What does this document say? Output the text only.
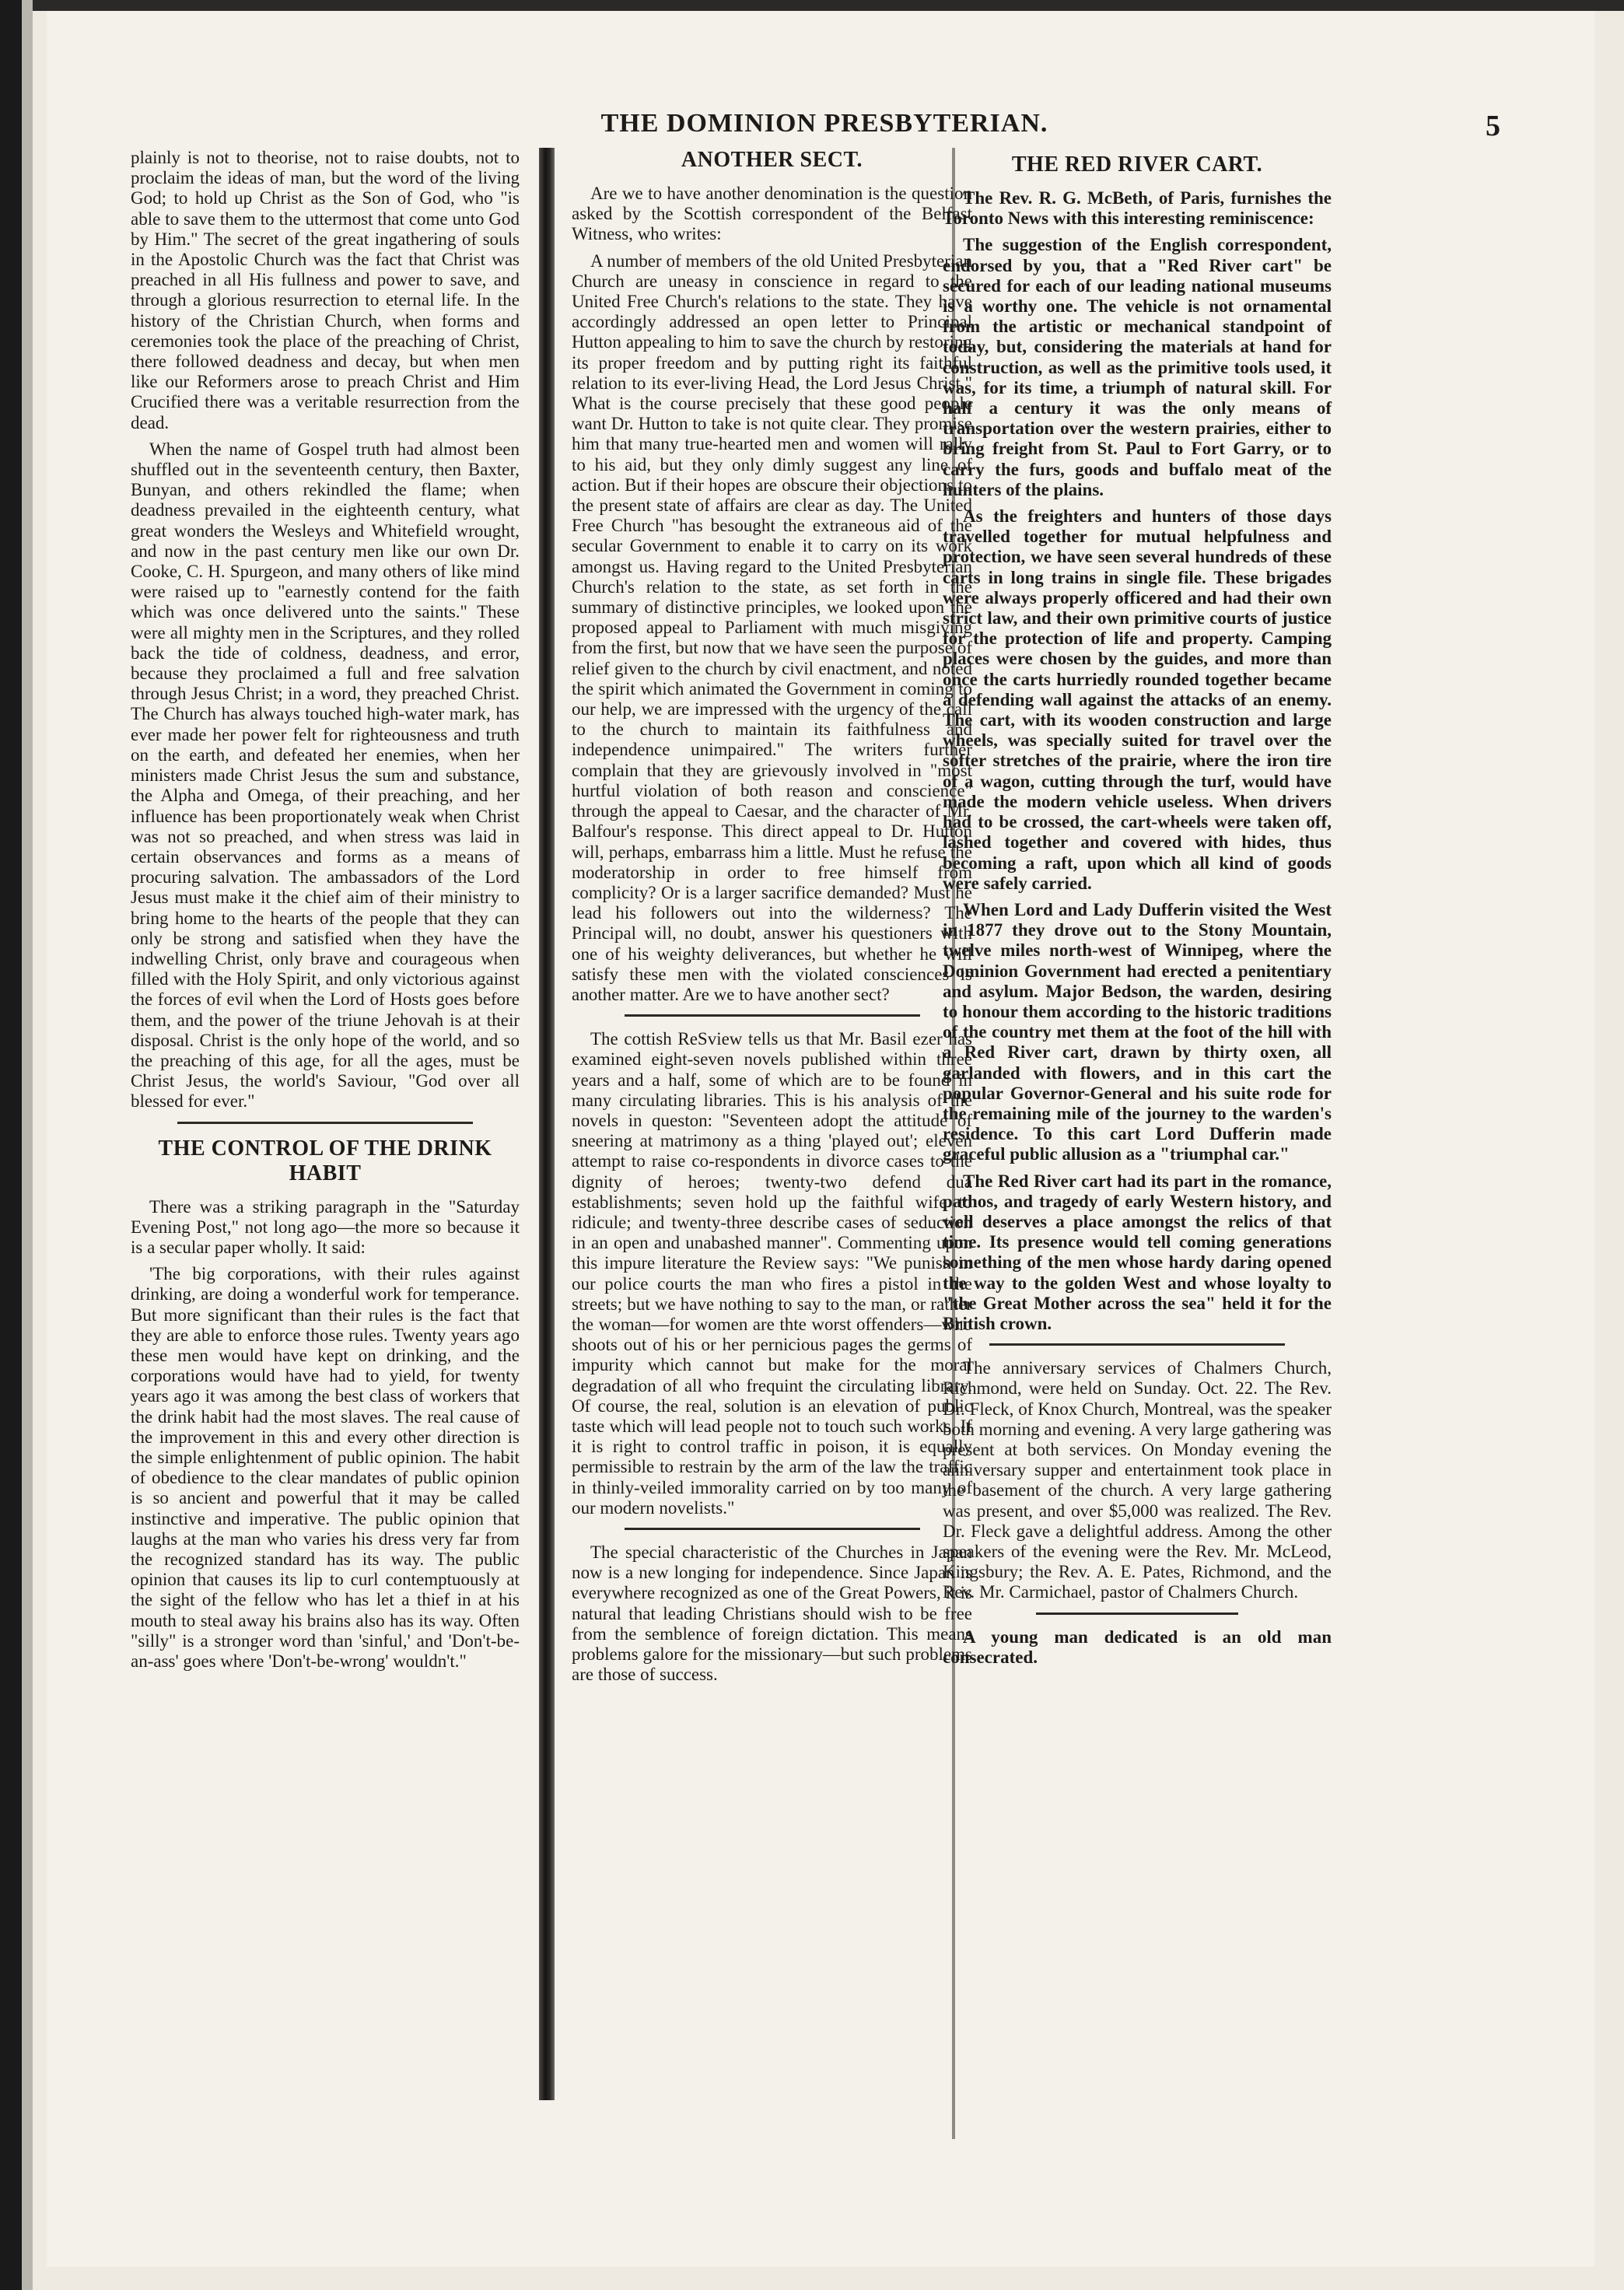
THE DOMINION PRESBYTERIAN.	5

plainly is not to theorise, not to raise doubts, not to proclaim the ideas of man, but the word of the living God; to hold up Christ as the Son of God, who "is able to save them to the uttermost that come unto God by Him." The secret of the great ingathering of souls in the Apostolic Church was the fact that Christ was preached in all His fullness and power to save, and through a glorious resurrection to eternal life. In the history of the Christian Church, when forms and ceremonies took the place of the preaching of Christ, there followed deadness and decay, but when men like our Reformers arose to preach Christ and Him Crucified there was a veritable resurrection from the dead.

When the name of Gospel truth had almost been shuffled out in the seventeenth century, then Baxter, Bunyan, and others rekindled the flame; when deadness prevailed in the eighteenth century, what great wonders the Wesleys and Whitefield wrought, and now in the past century men like our own Dr. Cooke, C. H. Spurgeon, and many others of like mind were raised up to "earnestly contend for the faith which was once delivered unto the saints." These were all mighty men in the Scriptures, and they rolled back the tide of coldness, deadness, and error, because they proclaimed a full and free salvation through Jesus Christ; in a word, they preached Christ. The Church has always touched high-water mark, has ever made her power felt for righteousness and truth on the earth, and defeated her enemies, when her ministers made Christ Jesus the sum and substance, the Alpha and Omega, of their preaching, and her influence has been proportionately weak when Christ was not so preached, and when stress was laid in certain observances and forms as a means of procuring salvation. The ambassadors of the Lord Jesus must make it the chief aim of their ministry to bring home to the hearts of the people that they can only be strong and satisfied when they have the indwelling Christ, only brave and courageous when filled with the Holy Spirit, and only victorious against the forces of evil when the Lord of Hosts goes before them, and the power of the triune Jehovah is at their disposal. Christ is the only hope of the world, and so the preaching of this age, for all the ages, must be Christ Jesus, the world's Saviour, "God over all blessed for ever."

THE CONTROL OF THE DRINK HABIT

There was a striking paragraph in the "Saturday Evening Post," not long ago—the more so because it is a secular paper wholly. It said:

'The big corporations, with their rules against drinking, are doing a wonderful work for temperance. But more significant than their rules is the fact that they are able to enforce those rules. Twenty years ago these men would have kept on drinking, and the corporations would have had to yield, for twenty years ago it was among the best class of workers that the drink habit had the most slaves. The real cause of the improvement in this and every other direction is the simple enlightenment of public opinion. The habit of obedience to the clear mandates of public opinion is so ancient and powerful that it may be called instinctive and imperative. The public opinion that laughs at the man who varies his dress very far from the recognized standard has its way. The public opinion that causes its lip to curl contemptuously at the sight of the fellow who has let a thief in at his mouth to steal away his brains also has its way. Often "silly" is a stronger word than 'sinful,' and 'Don't-be-an-ass' goes where 'Don't-be-wrong' wouldn't."

ANOTHER SECT.

Are we to have another denomination is the question asked by the Scottish correspondent of the Belfast Witness, who writes:

A number of members of the old United Presbyterian Church are uneasy in conscience in regard to the United Free Church's relations to the state. They have accordingly addressed an open letter to Principal Hutton appealing to him to save the church by restoring its proper freedom and by putting right its faithful relation to its ever-living Head, the Lord Jesus Christ." What is the course precisely that these good people want Dr. Hutton to take is not quite clear. They promise him that many true-hearted men and women will rally to his aid, but they only dimly suggest any line of action. But if their hopes are obscure their objections to the present state of affairs are clear as day. The United Free Church "has besought the extraneous aid of the secular Government to enable it to carry on its work amongst us. Having regard to the United Presbyterian Church's relation to the state, as set forth in the summary of distinctive principles, we looked upon the proposed appeal to Parliament with much misgiving from the first, but now that we have seen the purpose of relief given to the church by civil enactment, and noted the spirit which animated the Government in coming to our help, we are impressed with the urgency of the call to the church to maintain its faithfulness and independence unimpaired." The writers further complain that they are grievously involved in "most hurtful violation of both reason and conscience" through the appeal to Caesar, and the character of Mr. Balfour's response. This direct appeal to Dr. Hutton will, perhaps, embarrass him a little. Must he refuse the moderatorship in order to free himself from complicity? Or is a larger sacrifice demanded? Must he lead his followers out into the wilderness? The Principal will, no doubt, answer his questioners with one of his weighty deliverances, but whether he will satisfy these men with the violated consciences is another matter. Are we to have another sect?

The cottish ReSview tells us that Mr. Basil ezer has examined eight-seven novels published within three years and a half, some of which are to be found in many circulating libraries. This is his analysis of the novels in queston: "Seventeen adopt the attitude of sneering at matrimony as a thing 'played out'; eleven attempt to raise co-respondents in divorce cases to the dignity of heroes; twenty-two defend dua establishments; seven hold up the faithful wife to ridicule; and twenty-three describe cases of seduction in an open and unabashed manner". Commenting upon this impure literature the Review says: "We punish in our police courts the man who fires a pistol in the streets; but we have nothing to say to the man, or rather the woman—for women are thte worst offenders—who shoots out of his or her pernicious pages the germs of impurity which cannot but make for the moral degradation of all who frequint the circulating library. Of course, the real, solution is an elevation of public taste which will lead people not to touch such works. If it is right to control traffic in poison, it is equally permissible to restrain by the arm of the law the traffic in thinly-veiled immorality carried on by too many of our modern novelists."

The special characteristic of the Churches in Japan now is a new longing for independence. Since Japan is everywhere recognized as one of the Great Powers, it is natural that leading Christians should wish to be free from the semblence of foreign dictation. This means problems galore for the missionary—but such problems are those of success.

THE RED RIVER CART.

The Rev. R. G. McBeth, of Paris, furnishes the Toronto News with this interesting reminiscence:

The suggestion of the English correspondent, endorsed by you, that a "Red River cart" be secured for each of our leading national museums is a worthy one. The vehicle is not ornamental from the artistic or mechanical standpoint of today, but, considering the materials at hand for construction, as well as the primitive tools used, it was, for its time, a triumph of natural skill. For half a century it was the only means of transportation over the western prairies, either to bring freight from St. Paul to Fort Garry, or to carry the furs, goods and buffalo meat of the hunters of the plains.

As the freighters and hunters of those days travelled together for mutual helpfulness and protection, we have seen several hundreds of these carts in long trains in single file. These brigades were always properly officered and had their own strict law, and their own primitive courts of justice for the protection of life and property. Camping places were chosen by the guides, and more than once the carts hurriedly rounded together became a defending wall against the attacks of an enemy. The cart, with its wooden construction and large wheels, was specially suited for travel over the softer stretches of the prairie, where the iron tire of a wagon, cutting through the turf, would have made the modern vehicle useless. When drivers had to be crossed, the cart-wheels were taken off, lashed together and covered with hides, thus becoming a raft, upon which all kind of goods were safely carried.

When Lord and Lady Dufferin visited the West in 1877 they drove out to the Stony Mountain, twelve miles north-west of Winnipeg, where the Dominion Government had erected a penitentiary and asylum. Major Bedson, the warden, desiring to honour them according to the historic traditions of the country met them at the foot of the hill with a Red River cart, drawn by thirty oxen, all garlanded with flowers, and in this cart the popular Governor-General and his suite rode for the remaining mile of the journey to the warden's residence. To this cart Lord Dufferin made graceful public allusion as a "triumphal car."

The Red River cart had its part in the romance, pathos, and tragedy of early Western history, and well deserves a place amongst the relics of that time. Its presence would tell coming generations something of the men whose hardy daring opened the way to the golden West and whose loyalty to "the Great Mother across the sea" held it for the British crown.

The anniversary services of Chalmers Church, Richmond, were held on Sunday. Oct. 22. The Rev. Dr. Fleck, of Knox Church, Montreal, was the speaker both morning and evening. A very large gathering was present at both services. On Monday evening the anniversary supper and entertainment took place in the basement of the church. A very large gathering was present, and over $5,000 was realized. The Rev. Dr. Fleck gave a delightful address. Among the other speakers of the evening were the Rev. Mr. McLeod, Kingsbury; the Rev. A. E. Pates, Richmond, and the Rev. Mr. Carmichael, pastor of Chalmers Church.

A young man dedicated is an old man consecrated.
